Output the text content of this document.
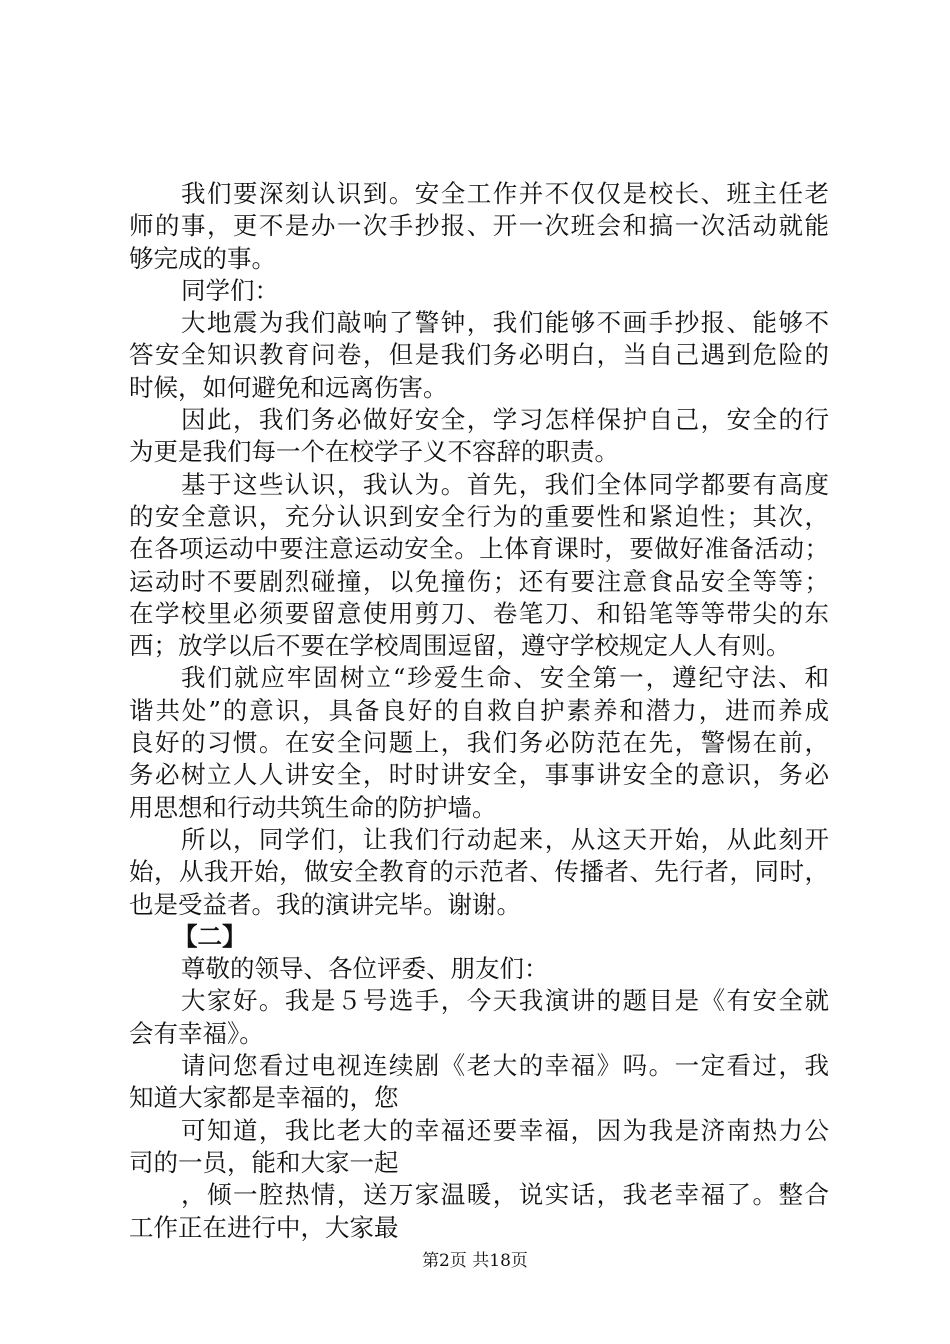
我们要深刻认识到。安全工作并不仅仅是校长、班主任老
师的事，更不是办一次手抄报、开一次班会和搞一次活动就能
够完成的事。
同学们：
大地震为我们敲响了警钟，我们能够不画手抄报、能够不
答安全知识教育问卷，但是我们务必明白，当自己遇到危险的
时候，如何避免和远离伤害。
因此，我们务必做好安全，学习怎样保护自己，安全的行
为更是我们每一个在校学子义不容辞的职责。
基于这些认识，我认为。首先，我们全体同学都要有高度
的安全意识，充分认识到安全行为的重要性和紧迫性；其次，
在各项运动中要注意运动安全。上体育课时，要做好准备活动；
运动时不要剧烈碰撞，以免撞伤；还有要注意食品安全等等；
在学校里必须要留意使用剪刀、卷笔刀、和铅笔等等带尖的东
西；放学以后不要在学校周围逗留，遵守学校规定人人有则。
我们就应牢固树立“珍爱生命、安全第一，遵纪守法、和
谐共处”的意识，具备良好的自救自护素养和潜力，进而养成
良好的习惯。在安全问题上，我们务必防范在先，警惕在前，
务必树立人人讲安全，时时讲安全，事事讲安全的意识，务必
用思想和行动共筑生命的防护墙。
所以，同学们，让我们行动起来，从这天开始，从此刻开
始，从我开始，做安全教育的示范者、传播者、先行者，同时，
也是受益者。我的演讲完毕。谢谢。
【二】
尊敬的领导、各位评委、朋友们：
大家好。我是５号选手，今天我演讲的题目是《有安全就
会有幸福》。
请问您看过电视连续剧《老大的幸福》吗。一定看过，我
知道大家都是幸福的，您
可知道，我比老大的幸福还要幸福，因为我是济南热力公
司的一员，能和大家一起
，倾一腔热情，送万家温暖，说实话，我老幸福了。整合
工作正在进行中，大家最
第2页 共18页
